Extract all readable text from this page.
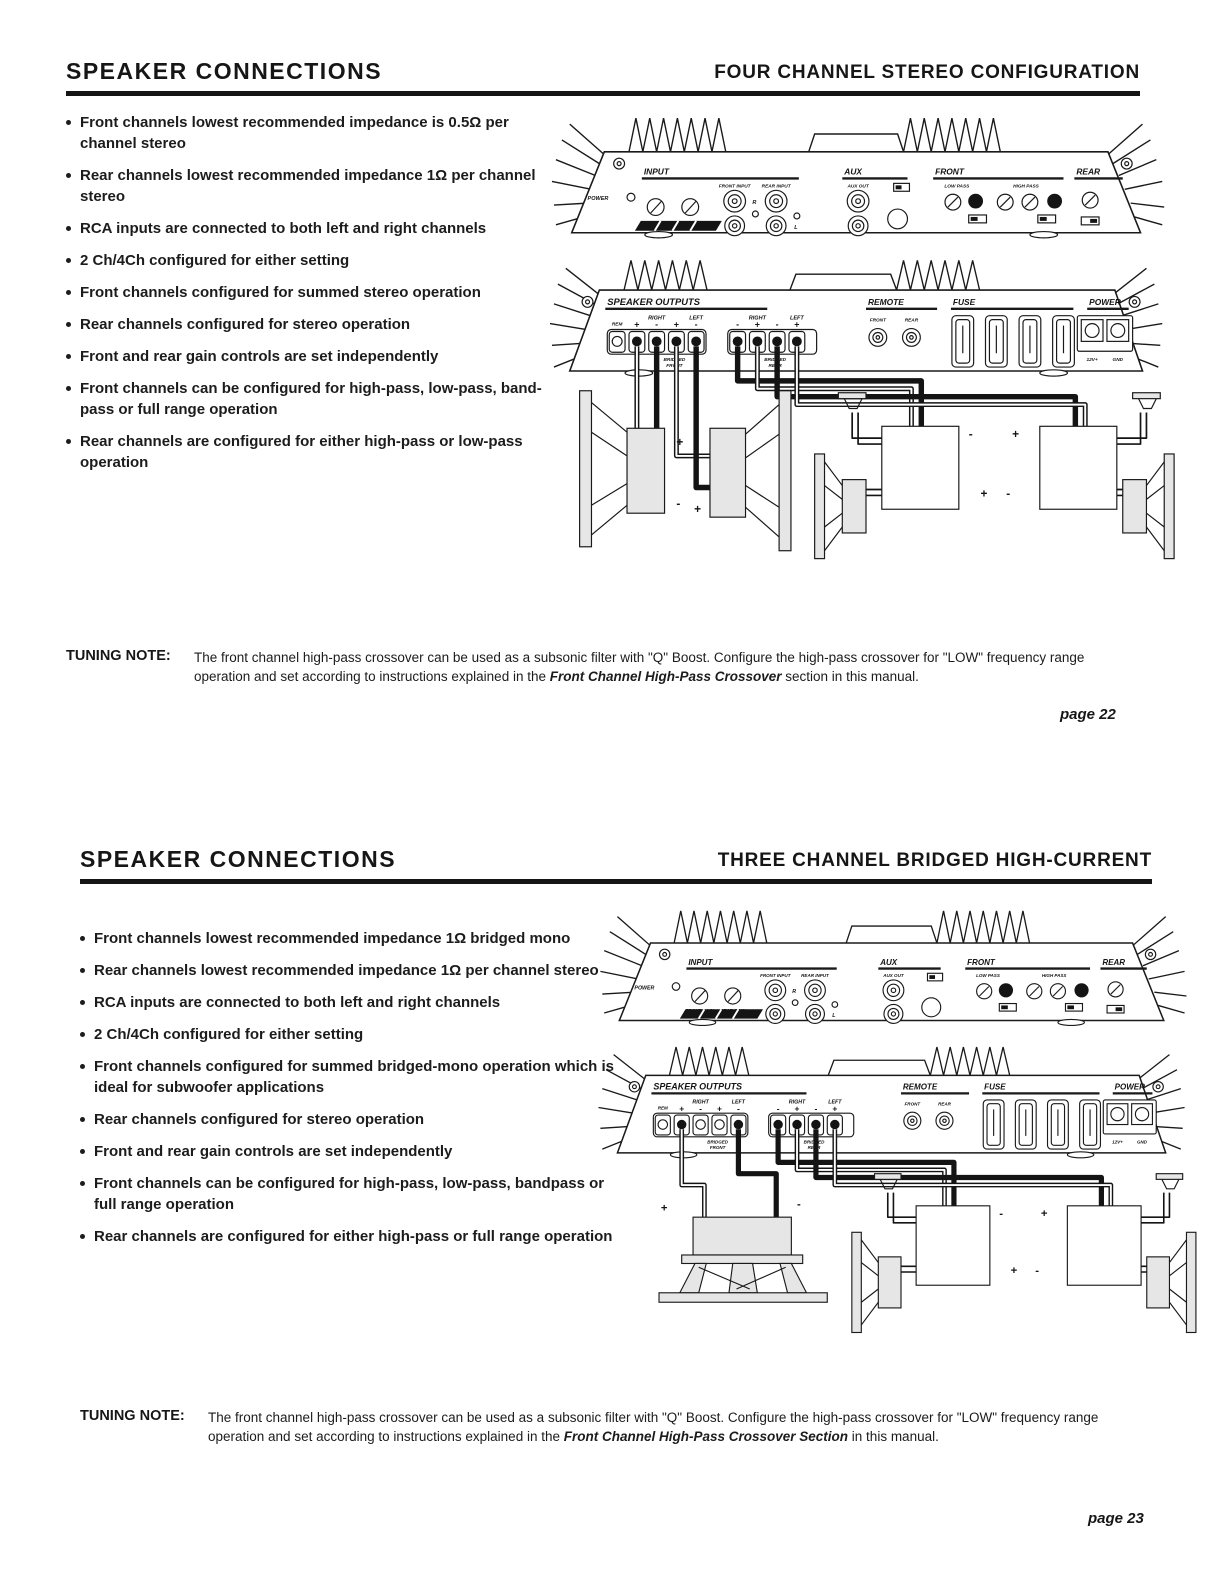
SPEAKER CONNECTIONS	FOUR CHANNEL STEREO CONFIGURATION
Front channels lowest recommended impedance is 0.5Ω per channel stereo
Rear channels lowest recommended impedance 1Ω per channel stereo
RCA inputs are connected to both left and right channels
2 Ch/4Ch configured for either setting
Front channels configured for summed stereo operation
Rear channels configured for stereo operation
Front and rear gain controls are set independently
Front channels can be configured for high-pass, low-pass, band-pass or full range operation
Rear channels are configured for either high-pass or low-pass operation
POWER
INPUT	AUX	FRONT	REAR
FRONT INPUT REAR INPUT
R
L
AUX OUT	LOW PASS	HIGH PASS
SPEAKER OUTPUTS
RIGHT	LEFT	RIGHT	LEFT
REM + - + -	- + - +
BRIDGED
FRONT
BRIDGED
REAR
REMOTE
FRONT	REAR
FUSE	POWER
12V+	GND
+
-
-
+
-
+
+
-
TUNING NOTE:	The front channel high-pass crossover can be used as a subsonic filter with "Q" Boost. Configure the high-pass crossover for "LOW" frequency range operation and set according to instructions explained in the Front Channel High-Pass Crossover section in this manual.
page 22
SPEAKER CONNECTIONS	THREE CHANNEL BRIDGED HIGH-CURRENT
Front channels lowest recommended impedance 1Ω bridged mono
Rear channels lowest recommended impedance 1Ω per channel stereo
RCA inputs are connected to both left and right channels
2 Ch/4Ch configured for either setting
Front channels configured for summed bridged-mono operation which is ideal for subwoofer applications
Rear channels configured for stereo operation
Front and rear gain controls are set independently
Front channels can be configured for high-pass, low-pass, bandpass or full range operation
Rear channels are configured for either high-pass or full range operation
POWER
INPUT	AUX	FRONT	REAR
FRONT INPUT REAR INPUT
R
L
AUX OUT	LOW PASS	HIGH PASS
SPEAKER OUTPUTS
RIGHT	LEFT	RIGHT	LEFT
REM + - + -	- + - +
BRIDGED
FRONT
BRIDGED
REAR
REMOTE
FRONT	REAR
FUSE	POWER
12V+	GND
+	-
-
+
+
-
TUNING NOTE:	The front channel high-pass crossover can be used as a subsonic filter with "Q" Boost. Configure the high-pass crossover for "LOW" frequency range operation and set according to instructions explained in the Front Channel High-Pass Crossover Section in this manual.
page 23
